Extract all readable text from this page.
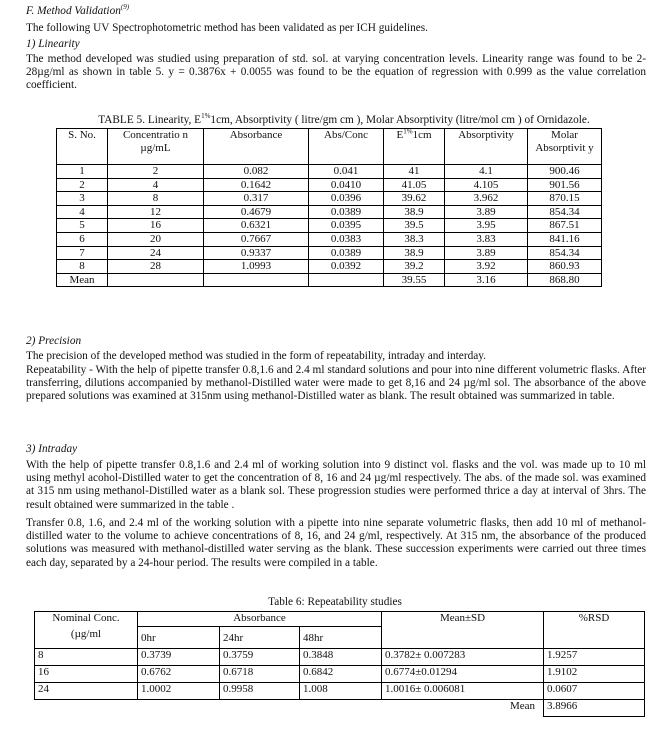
F. Method Validation$^{(9)}$
The following UV Spectrophotometric method has been validated as per ICH guidelines.
1) Linearity
The method developed was studied using preparation of std. sol. at varying concentration levels. Linearity range was found to be 2-28µg/ml as shown in table 5. y = 0.3876x + 0.0055 was found to be the equation of regression with 0.999 as the value correlation coefficient.
TABLE 5. Linearity, $E^{1\%}1cm$, Absorptivity ( litre/gm cm ), Molar Absorptivity (litre/mol cm ) of Ornidazole.
S. No.	Concentratio n µg/mL	Absorbance	Abs/Conc	$E^{1\%}1cm$	Absorptivity	Molar Absorptivit y
1	2	0.082	0.041	41	4.1	900.46
2	4	0.1642	0.0410	41.05	4.105	901.56
3	8	0.317	0.0396	39.62	3.962	870.15
4	12	0.4679	0.0389	38.9	3.89	854.34
5	16	0.6321	0.0395	39.5	3.95	867.51
6	20	0.7667	0.0383	38.3	3.83	841.16
7	24	0.9337	0.0389	38.9	3.89	854.34
8	28	1.0993	0.0392	39.2	3.92	860.93
Mean				39.55	3.16	868.80
2) Precision
The precision of the developed method was studied in the form of repeatability, intraday and interday.
Repeatability - With the help of pipette transfer 0.8,1.6 and 2.4 ml standard solutions and pour into nine different volumetric flasks. After transferring, dilutions accompanied by methanol-Distilled water were made to get 8,16 and 24 µg/ml sol. The absorbance of the above prepared solutions was examined at 315nm using methanol-Distilled water as blank. The result obtained was summarized in table.
3) Intraday
With the help of pipette transfer 0.8,1.6 and 2.4 ml of working solution into 9 distinct vol. flasks and the vol. was made up to 10 ml using methyl acohol-Distilled water to get the concentration of 8, 16 and 24 µg/ml respectively. The abs. of the made sol. was examined at 315 nm using methanol-Distilled water as a blank sol. These progression studies were performed thrice a day at interval of 3hrs. The result obtained were summarized in the table .
Transfer 0.8, 1.6, and 2.4 ml of the working solution with a pipette into nine separate volumetric flasks, then add 10 ml of methanol-distilled water to the volume to achieve concentrations of 8, 16, and 24 g/ml, respectively. At 315 nm, the absorbance of the produced solutions was measured with methanol-distilled water serving as the blank. These succession experiments were carried out three times each day, separated by a 24-hour period. The results were compiled in a table.
Table 6: Repeatability studies
Nominal Conc.
(µg/ml	Absorbance			Mean±SD	%RSD
	0hr	24hr	48hr		
8	0.3739	0.3759	0.3848	0.3782± 0.007283	1.9257
16	0.6762	0.6718	0.6842	0.6774±0.01294	1.9102
24	1.0002	0.9958	1.008	1.0016± 0.006081	0.0607
				Mean	3.8966
